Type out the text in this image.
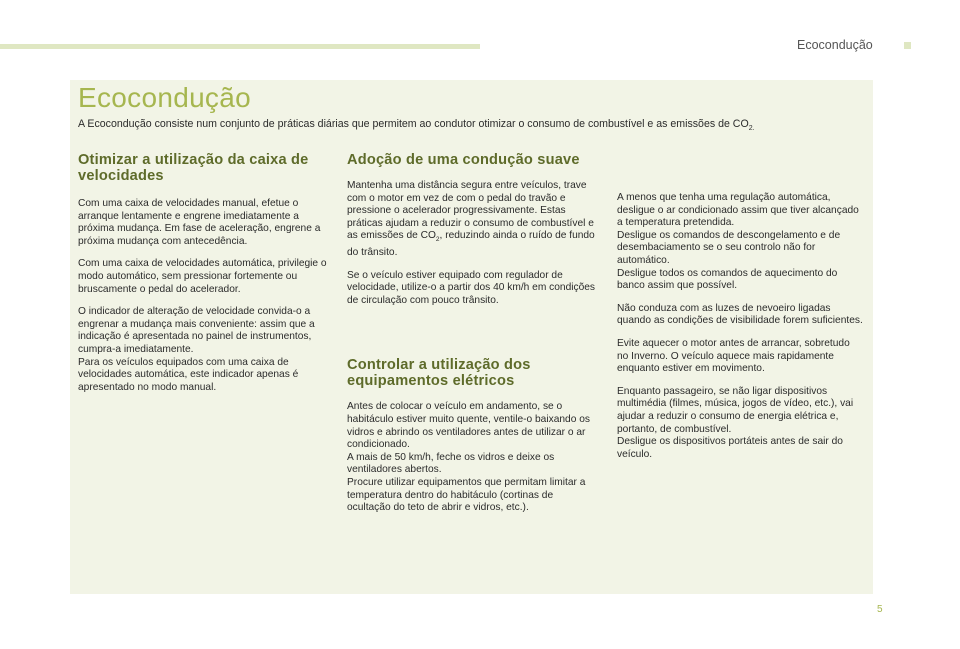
Ecocondução
Ecocondução

A Ecocondução consiste num conjunto de práticas diárias que permitem ao condutor otimizar o consumo de combustível e as emissões de $CO_{2.}$

Otimizar a utilização da caixa de velocidades

Com uma caixa de velocidades manual, efetue o arranque lentamente e engrene imediatamente a próxima mudança. Em fase de aceleração, engrene a próxima mudança com antecedência.

Com uma caixa de velocidades automática, privilegie o modo automático, sem pressionar fortemente ou bruscamente o pedal do acelerador.

O indicador de alteração de velocidade convida-o a engrenar a mudança mais conveniente: assim que a indicação é apresentada no painel de instrumentos, cumpra-a imediatamente.
Para os veículos equipados com uma caixa de velocidades automática, este indicador apenas é apresentado no modo manual.

Adoção de uma condução suave

Mantenha uma distância segura entre veículos, trave com o motor em vez de com o pedal do travão e pressione o acelerador progressivamente. Estas práticas ajudam a reduzir o consumo de combustível e as emissões de $CO_2$, reduzindo ainda o ruído de fundo do trânsito.

Se o veículo estiver equipado com regulador de velocidade, utilize-o a partir dos 40 km/h em condições de circulação com pouco trânsito.

Controlar a utilização dos equipamentos elétricos

Antes de colocar o veículo em andamento, se o habitáculo estiver muito quente, ventile-o baixando os vidros e abrindo os ventiladores antes de utilizar o ar condicionado.
A mais de 50 km/h, feche os vidros e deixe os ventiladores abertos.
Procure utilizar equipamentos que permitam limitar a temperatura dentro do habitáculo (cortinas de ocultação do teto de abrir e vidros, etc.).

A menos que tenha uma regulação automática, desligue o ar condicionado assim que tiver alcançado a temperatura pretendida.
Desligue os comandos de descongelamento e de desembaciamento se o seu controlo não for automático.
Desligue todos os comandos de aquecimento do banco assim que possível.

Não conduza com as luzes de nevoeiro ligadas quando as condições de visibilidade forem suficientes.

Evite aquecer o motor antes de arrancar, sobretudo no Inverno. O veículo aquece mais rapidamente enquanto estiver em movimento.

Enquanto passageiro, se não ligar dispositivos multimédia (filmes, música, jogos de vídeo, etc.), vai ajudar a reduzir o consumo de energia elétrica e, portanto, de combustível.
Desligue os dispositivos portáteis antes de sair do veículo.

5
